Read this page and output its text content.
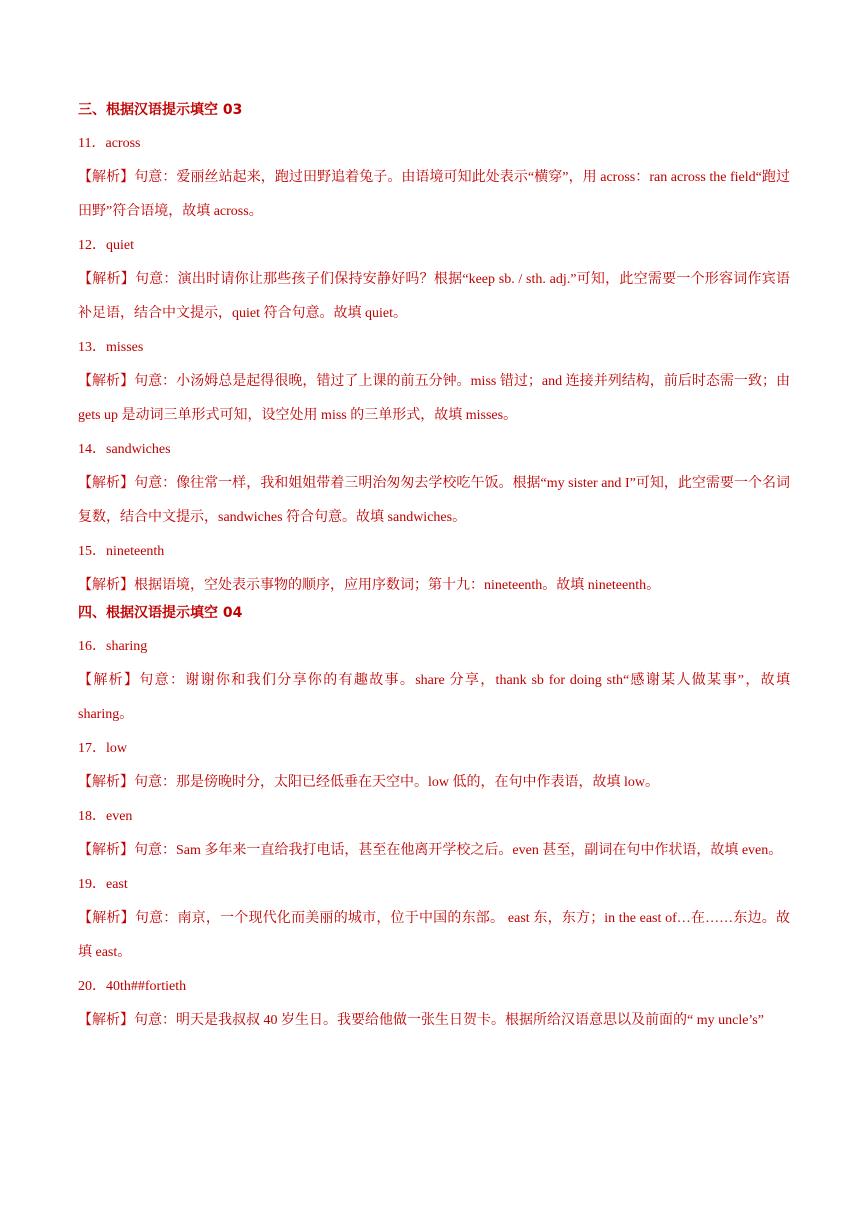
三、根据汉语提示填空 03
11．across
【解析】句意：爱丽丝站起来，跑过田野追着兔子。由语境可知此处表示“横穿”，用 across：ran across the field“跑过田野”符合语境，故填 across。
12．quiet
【解析】句意：演出时请你让那些孩子们保持安静好吗？根据“keep sb. / sth. adj.”可知，此空需要一个形容词作宾语补足语，结合中文提示，quiet 符合句意。故填 quiet。
13．misses
【解析】句意：小汤姆总是起得很晚，错过了上课的前五分钟。miss 错过；and 连接并列结构，前后时态需一致；由 gets up 是动词三单形式可知，设空处用 miss 的三单形式，故填 misses。
14．sandwiches
【解析】句意：像往常一样，我和姐姐带着三明治匆匆去学校吃午饭。根据“my sister and I”可知，此空需要一个名词复数，结合中文提示，sandwiches 符合句意。故填 sandwiches。
15．nineteenth
【解析】根据语境，空处表示事物的顺序，应用序数词；第十九：nineteenth。故填 nineteenth。
四、根据汉语提示填空 04
16．sharing
【解析】句意：谢谢你和我们分享你的有趣故事。share 分享，thank sb for doing sth“感谢某人做某事”，故填 sharing。
17．low
【解析】句意：那是傍晚时分，太阳已经低垂在天空中。low 低的，在句中作表语，故填 low。
18．even
【解析】句意：Sam 多年来一直给我打电话，甚至在他离开学校之后。even 甚至，副词在句中作状语，故填 even。
19．east
【解析】句意：南京，一个现代化而美丽的城市，位于中国的东部。 east 东，东方；in the east of…在……东边。故填 east。
20．40th##fortieth
【解析】句意：明天是我叔叔 40 岁生日。我要给他做一张生日贺卡。根据所给汉语意思以及前面的“ my uncle’s”
